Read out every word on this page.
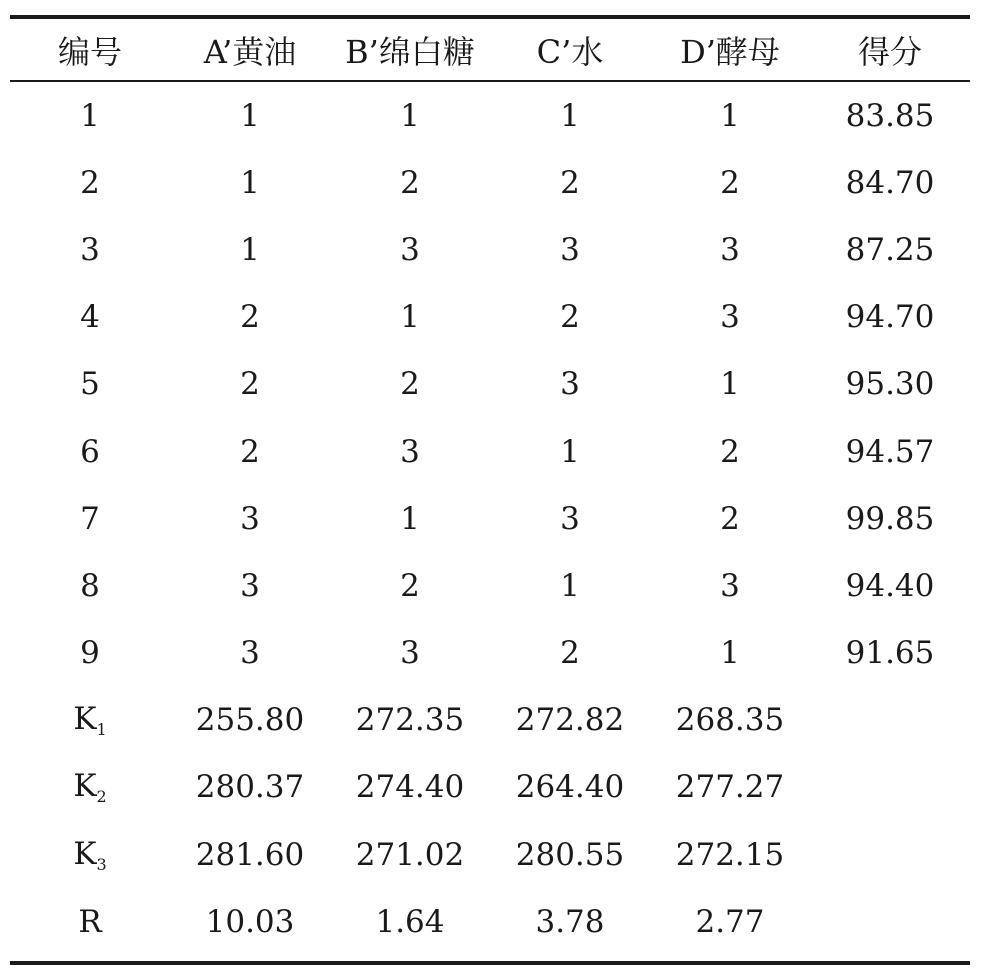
编号	A’黄油	B’绵白糖	C’水	D’酵母	得分
1	1	1	1	1	83.85
2	1	2	2	2	84.70
3	1	3	3	3	87.25
4	2	1	2	3	94.70
5	2	2	3	1	95.30
6	2	3	1	2	94.57
7	3	1	3	2	99.85
8	3	2	1	3	94.40
9	3	3	2	1	91.65
$K_1$	255.80	272.35	272.82	268.35
$K_2$	280.37	274.40	264.40	277.27
$K_3$	281.60	271.02	280.55	272.15
R	10.03	1.64	3.78	2.77
